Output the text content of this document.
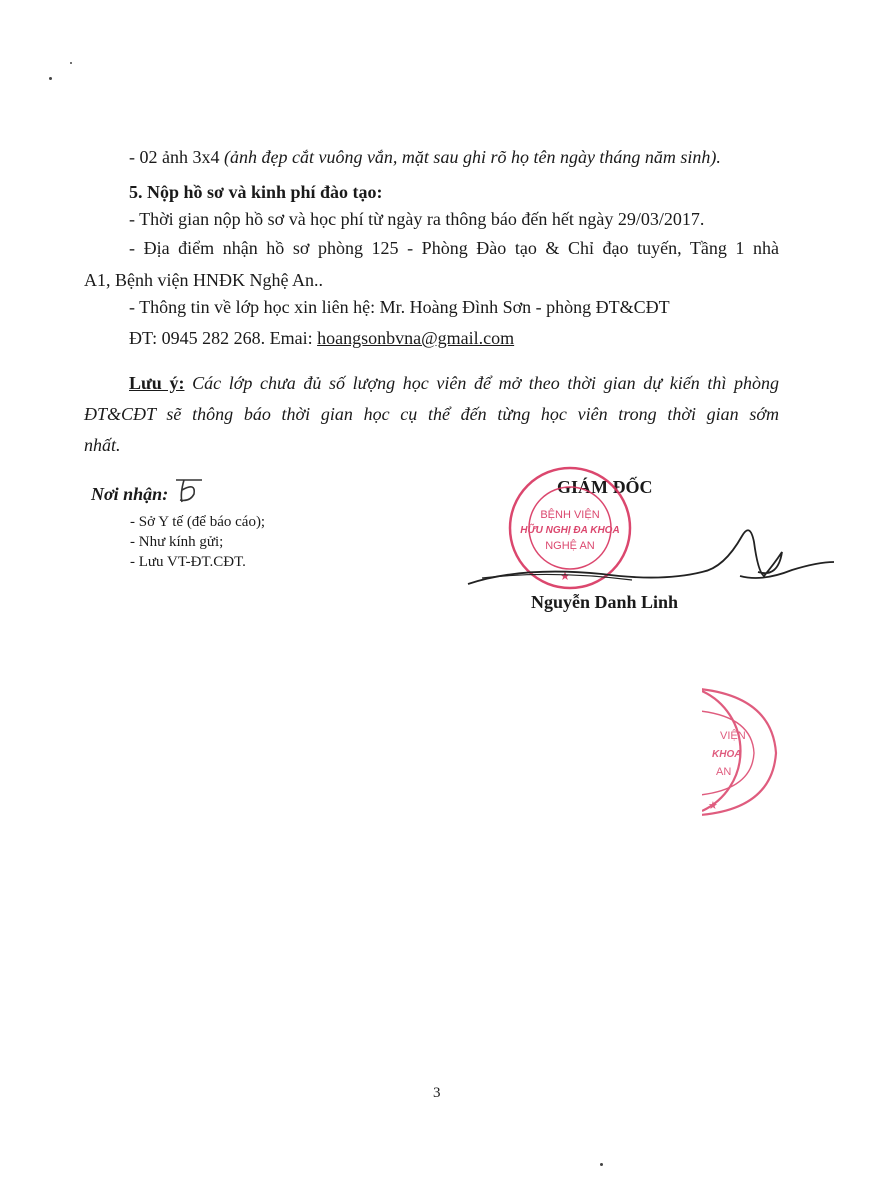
- 02 ảnh 3x4 (ảnh đẹp cắt vuông vắn, mặt sau ghi rõ họ tên ngày tháng năm sinh).
5. Nộp hồ sơ và kinh phí đào tạo:
- Thời gian nộp hồ sơ và học phí từ ngày ra thông báo đến hết ngày 29/03/2017.
- Địa điểm nhận hồ sơ phòng 125 - Phòng Đào tạo & Chỉ đạo tuyến, Tầng 1 nhà
A1, Bệnh viện HNĐK Nghệ An..
- Thông tin về lớp học xin liên hệ: Mr. Hoàng Đình Sơn - phòng ĐT&CĐT
ĐT: 0945 282 268. Emai: hoangsonbvna@gmail.com
Lưu ý: Các lớp chưa đủ số lượng học viên để mở theo thời gian dự kiến thì phòng
ĐT&CĐT sẽ thông báo thời gian học cụ thể đến từng học viên trong thời gian sớm
nhất.
Nơi nhận:
- Sở Y tế (để báo cáo);
- Như kính gửi;
- Lưu VT-ĐT.CĐT.
GIÁM ĐỐC
BỆNH VIỆN
HỮU NGHỊ ĐA KHOA
NGHỆ AN
★
Nguyễn Danh Linh
VIỆN
KHOA
AN
★
3
